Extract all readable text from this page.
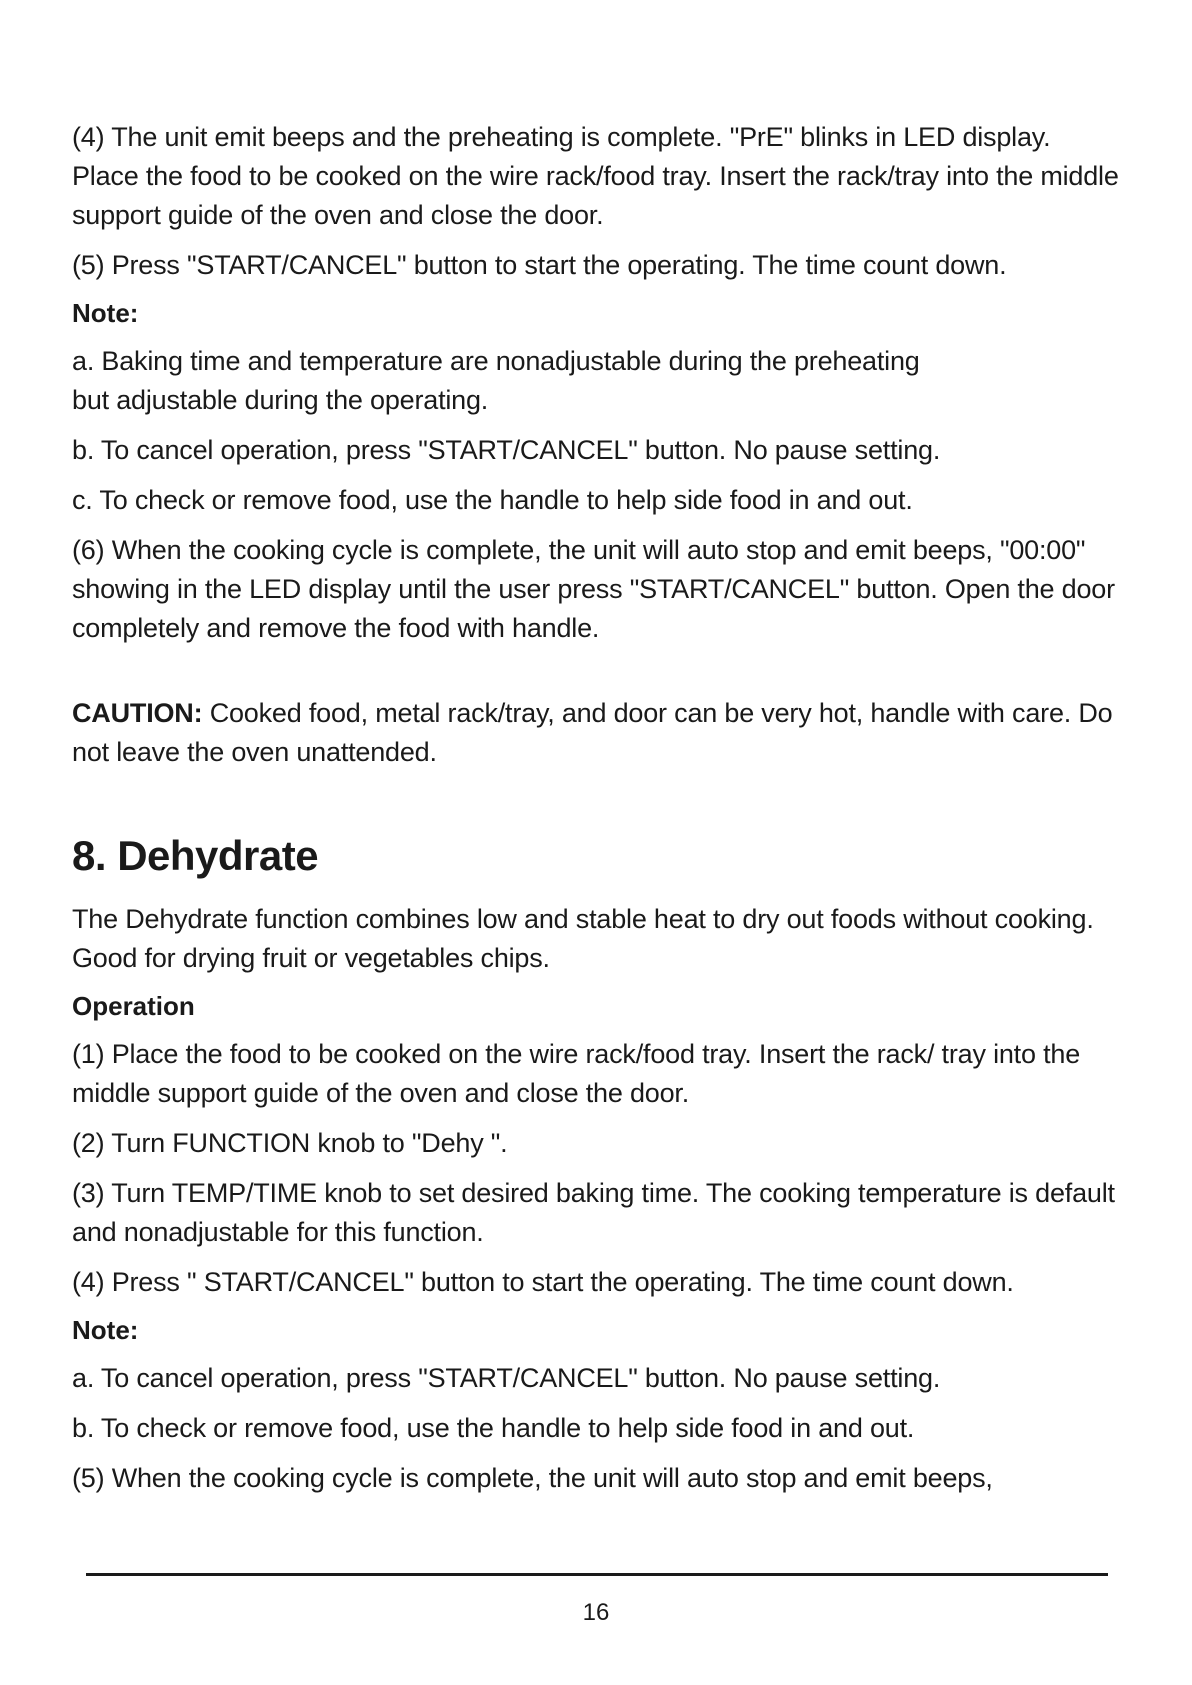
(4) The unit emit beeps and the preheating is complete. "PrE" blinks in LED display. Place the food to be cooked on the wire rack/food tray. Insert the rack/tray into the middle support guide of the oven and close the door.

(5) Press "START/CANCEL" button to start the operating. The time count down.

Note:

a. Baking time and temperature are nonadjustable during the preheating
but adjustable during the operating.

b. To cancel operation, press "START/CANCEL" button. No pause setting.

c. To check or remove food, use the handle to help side food in and out.

(6) When the cooking cycle is complete, the unit will auto stop and emit beeps, "00:00" showing in the LED display until the user press "START/CANCEL" button. Open the door completely and remove the food with handle.

CAUTION: Cooked food, metal rack/tray, and door can be very hot, handle with care. Do not leave the oven unattended.

8. Dehydrate

The Dehydrate function combines low and stable heat to dry out foods without cooking. Good for drying fruit or vegetables chips.

Operation

(1) Place the food to be cooked on the wire rack/food tray. Insert the rack/ tray into the middle support guide of the oven and close the door.

(2) Turn FUNCTION knob to "Dehy ".

(3) Turn TEMP/TIME knob to set desired baking time. The cooking temperature is default and nonadjustable for this function.

(4) Press " START/CANCEL" button to start the operating. The time count down.

Note:

a. To cancel operation, press "START/CANCEL" button. No pause setting.

b. To check or remove food, use the handle to help side food in and out.

(5) When the cooking cycle is complete, the unit will auto stop and emit beeps,

16
